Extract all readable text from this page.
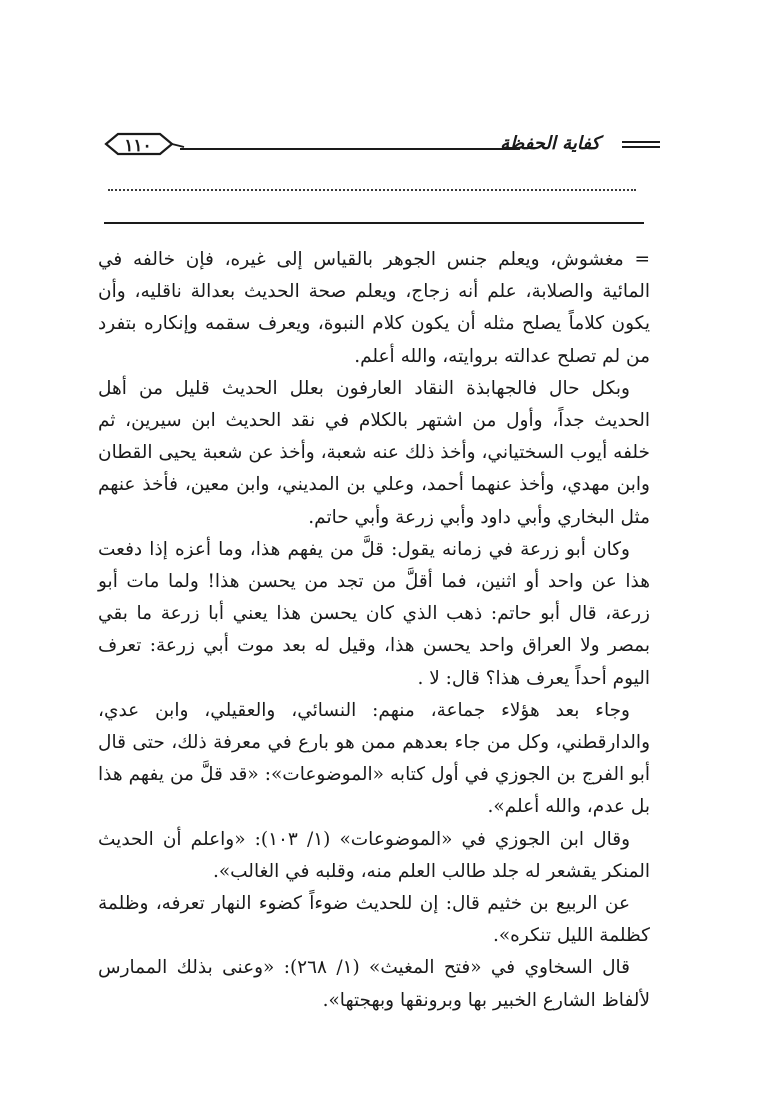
١١٠	كفاية الحفظة

= مغشوش، ويعلم جنس الجوهر بالقياس إلى غيره، فإن خالفه في المائية والصلابة، علم أنه زجاج، ويعلم صحة الحديث بعدالة ناقليه، وأن يكون كلاماً يصلح مثله أن يكون كلام النبوة، ويعرف سقمه وإنكاره بتفرد من لم تصلح عدالته بروايته، والله أعلم.

وبكل حال فالجهابذة النقاد العارفون بعلل الحديث قليل من أهل الحديث جداً، وأول من اشتهر بالكلام في نقد الحديث ابن سيرين، ثم خلفه أيوب السختياني، وأخذ ذلك عنه شعبة، وأخذ عن شعبة يحيى القطان وابن مهدي، وأخذ عنهما أحمد، وعلي بن المديني، وابن معين، فأخذ عنهم مثل البخاري وأبي داود وأبي زرعة وأبي حاتم.

وكان أبو زرعة في زمانه يقول: قلَّ من يفهم هذا، وما أعزه إذا دفعت هذا عن واحد أو اثنين، فما أقلَّ من تجد من يحسن هذا! ولما مات أبو زرعة، قال أبو حاتم: ذهب الذي كان يحسن هذا يعني أبا زرعة ما بقي بمصر ولا العراق واحد يحسن هذا، وقيل له بعد موت أبي زرعة: تعرف اليوم أحداً يعرف هذا؟ قال: لا .

وجاء بعد هؤلاء جماعة، منهم: النسائي، والعقيلي، وابن عدي، والدارقطني، وكل من جاء بعدهم ممن هو بارع في معرفة ذلك، حتى قال أبو الفرج بن الجوزي في أول كتابه «الموضوعات»: «قد قلَّ من يفهم هذا بل عدم، والله أعلم».

وقال ابن الجوزي في «الموضوعات» (١/ ١٠٣): «واعلم أن الحديث المنكر يقشعر له جلد طالب العلم منه، وقلبه في الغالب».

عن الربيع بن خثيم قال: إن للحديث ضوءاً كضوء النهار تعرفه، وظلمة كظلمة الليل تنكره».

قال السخاوي في «فتح المغيث» (١/ ٢٦٨): «وعنى بذلك الممارس لألفاظ الشارع الخبير بها وبرونقها وبهجتها».
